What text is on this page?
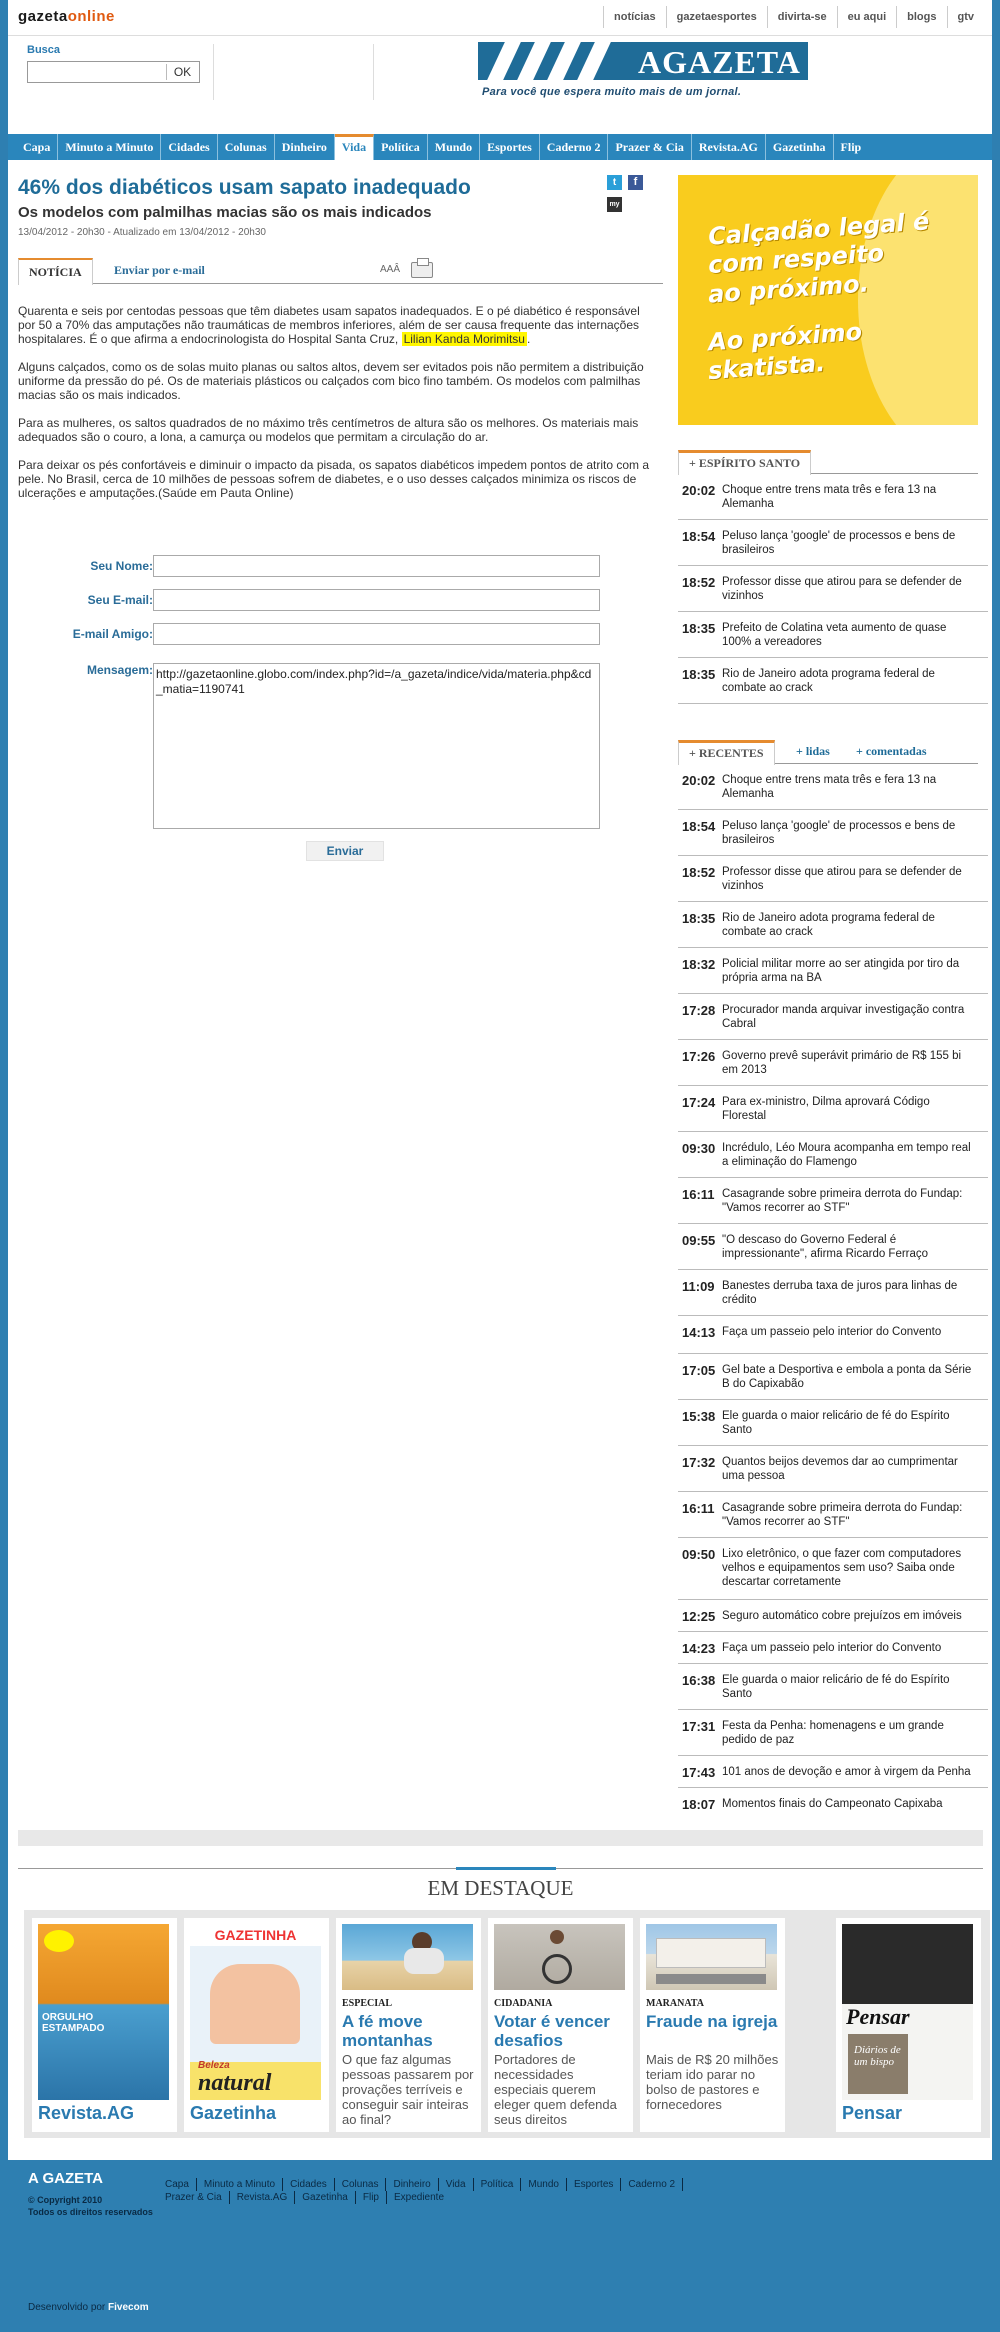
gazetaonline	notícias	gazetaesportes	divirta-se	eu aqui	blogs	gtv
Busca
OK	AGAZETA
Para você que espera muito mais de um jornal.
Capa	Minuto a Minuto	Cidades	Colunas	Dinheiro	Vida	Política	Mundo	Esportes	Caderno 2	Prazer & Cia	Revista.AG	Gazetinha	Flip
46% dos diabéticos usam sapato inadequado
Os modelos com palmilhas macias são os mais indicados
13/04/2012 - 20h30 - Atualizado em 13/04/2012 - 20h30
t	f
my
NOTÍCIA	Enviar por e-mail	AAÂ

Quarenta e seis por centodas pessoas que têm diabetes usam sapatos inadequados. E o pé diabético é responsável por 50 a 70% das amputações não traumáticas de membros inferiores, além de ser causa frequente das internações hospitalares. É o que afirma a endocrinologista do Hospital Santa Cruz, Lilian Kanda Morimitsu .

Alguns calçados, como os de solas muito planas ou saltos altos, devem ser evitados pois não permitem a distribuição uniforme da pressão do pé. Os de materiais plásticos ou calçados com bico fino também. Os modelos com palmilhas macias são os mais indicados.

Para as mulheres, os saltos quadrados de no máximo três centímetros de altura são os melhores. Os materiais mais adequados são o couro, a lona, a camurça ou modelos que permitam a circulação do ar.

Para deixar os pés confortáveis e diminuir o impacto da pisada, os sapatos diabéticos impedem pontos de atrito com a pele. No Brasil, cerca de 10 milhões de pessoas sofrem de diabetes, e o uso desses calçados minimiza os riscos de ulcerações e amputações.(Saúde em Pauta Online)

Seu Nome:
Seu E-mail:
E-mail Amigo:
Mensagem: http://gazetaonline.globo.com/index.php?id=/a_gazeta/indice/vida/materia.php&cd_matia=1190741
Enviar
Calçadão legal é
com respeito
ao próximo.
Ao próximo
skatista.
+ ESPÍRITO SANTO
20:02 Choque entre trens mata três e fera 13 na Alemanha
18:54 Peluso lança 'google' de processos e bens de brasileiros
18:52 Professor disse que atirou para se defender de vizinhos
18:35 Prefeito de Colatina veta aumento de quase 100% a vereadores
18:35 Rio de Janeiro adota programa federal de combate ao crack
+ RECENTES	+ lidas + comentadas
20:02 Choque entre trens mata três e fera 13 na Alemanha
18:54 Peluso lança 'google' de processos e bens de brasileiros
18:52 Professor disse que atirou para se defender de vizinhos
18:35 Rio de Janeiro adota programa federal de combate ao crack
18:32 Policial militar morre ao ser atingida por tiro da própria arma na BA
17:28 Procurador manda arquivar investigação contra Cabral
17:26 Governo prevê superávit primário de R$ 155 bi em 2013
17:24 Para ex-ministro, Dilma aprovará Código Florestal
09:30 Incrédulo, Léo Moura acompanha em tempo real a eliminação do Flamengo
16:11 Casagrande sobre primeira derrota do Fundap: "Vamos recorrer ao STF"
09:55 "O descaso do Governo Federal é impressionante", afirma Ricardo Ferraço
11:09 Banestes derruba taxa de juros para linhas de crédito
14:13 Faça um passeio pelo interior do Convento
17:05 Gel bate a Desportiva e embola a ponta da Série B do Capixabão
15:38 Ele guarda o maior relicário de fé do Espírito Santo
17:32 Quantos beijos devemos dar ao cumprimentar uma pessoa
16:11 Casagrande sobre primeira derrota do Fundap: "Vamos recorrer ao STF"
09:50 Lixo eletrônico, o que fazer com computadores velhos e equipamentos sem uso? Saiba onde descartar corretamente
12:25 Seguro automático cobre prejuízos em imóveis
14:23 Faça um passeio pelo interior do Convento
16:38 Ele guarda o maior relicário de fé do Espírito Santo
17:31 Festa da Penha: homenagens e um grande pedido de paz
17:43 101 anos de devoção e amor à virgem da Penha
18:07 Momentos finais do Campeonato Capixaba
EM DESTAQUE
ORGULHO ESTAMPADO
Revista.AG
GAZETINHA
Beleza
natural
Gazetinha
ESPECIAL
A fé move montanhas
O que faz algumas pessoas passarem por provações terríveis e conseguir sair inteiras ao final?
CIDADANIA
Votar é vencer desafios
Portadores de necessidades especiais querem eleger quem defenda seus direitos
MARANATA
Fraude na igreja
Mais de R$ 20 milhões teriam ido parar no bolso de pastores e fornecedores
Pensar
Diários de um bispo
Pensar
A GAZETA
© Copyright 2010
Todos os direitos reservados
Capa	Minuto a Minuto	Cidades	Colunas	Dinheiro	Vida	Política	Mundo	Esportes	Caderno 2
Prazer & Cia	Revista.AG	Gazetinha	Flip	Expediente
Desenvolvido por Fivecom
